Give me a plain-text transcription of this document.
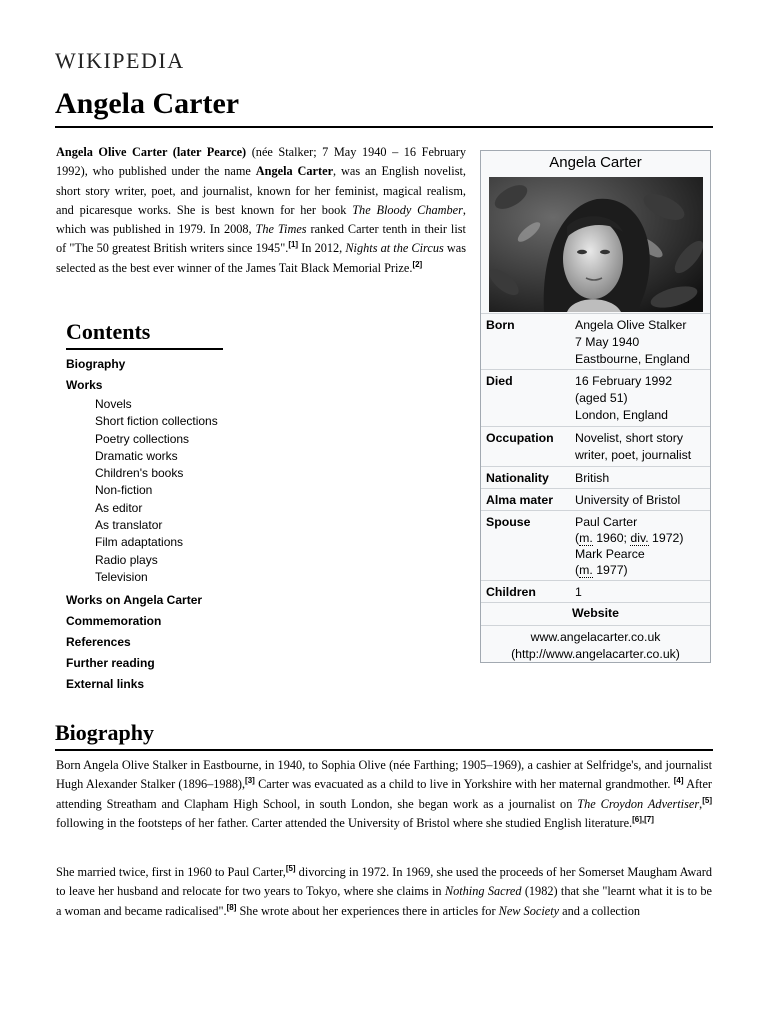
WIKIPEDIA
Angela Carter

Angela Olive Carter (later Pearce) (née Stalker; 7 May 1940 – 16 February 1992), who published under the name Angela Carter, was an English novelist, short story writer, poet, and journalist, known for her feminist, magical realism, and picaresque works. She is best known for her book The Bloody Chamber, which was published in 1979. In 2008, The Times ranked Carter tenth in their list of "The 50 greatest British writers since 1945".[1] In 2012, Nights at the Circus was selected as the best ever winner of the James Tait Black Memorial Prize.[2]

Contents
Biography
Works
Novels
Short fiction collections
Poetry collections
Dramatic works
Children's books
Non-fiction
As editor
As translator
Film adaptations
Radio plays
Television
Works on Angela Carter
Commemoration
References
Further reading
External links
Angela Carter
Born	Angela Olive Stalker
7 May 1940
Eastbourne, England
Died	16 February 1992
(aged 51)
London, England
Occupation Novelist, short story writer, poet, journalist
Nationality British
Alma mater University of Bristol
Spouse	Paul Carter
(m. 1960; div. 1972)
Mark Pearce
(m. 1977)
Children	1
Website
www.angelacarter.co.uk (http://www.angelacarter.co.uk)
Biography

Born Angela Olive Stalker in Eastbourne, in 1940, to Sophia Olive (née Farthing; 1905–1969), a cashier at Selfridge's, and journalist Hugh Alexander Stalker (1896–1988),[3] Carter was evacuated as a child to live in Yorkshire with her maternal grandmother. [4] After attending Streatham and Clapham High School, in south London, she began work as a journalist on The Croydon Advertiser,[5] following in the footsteps of her father. Carter attended the University of Bristol where she studied English literature.[6],[7]

She married twice, first in 1960 to Paul Carter,[5] divorcing in 1972. In 1969, she used the proceeds of her Somerset Maugham Award to leave her husband and relocate for two years to Tokyo, where she claims in Nothing Sacred (1982) that she "learnt what it is to be a woman and became radicalised".[8] She wrote about her experiences there in articles for New Society and a collection
